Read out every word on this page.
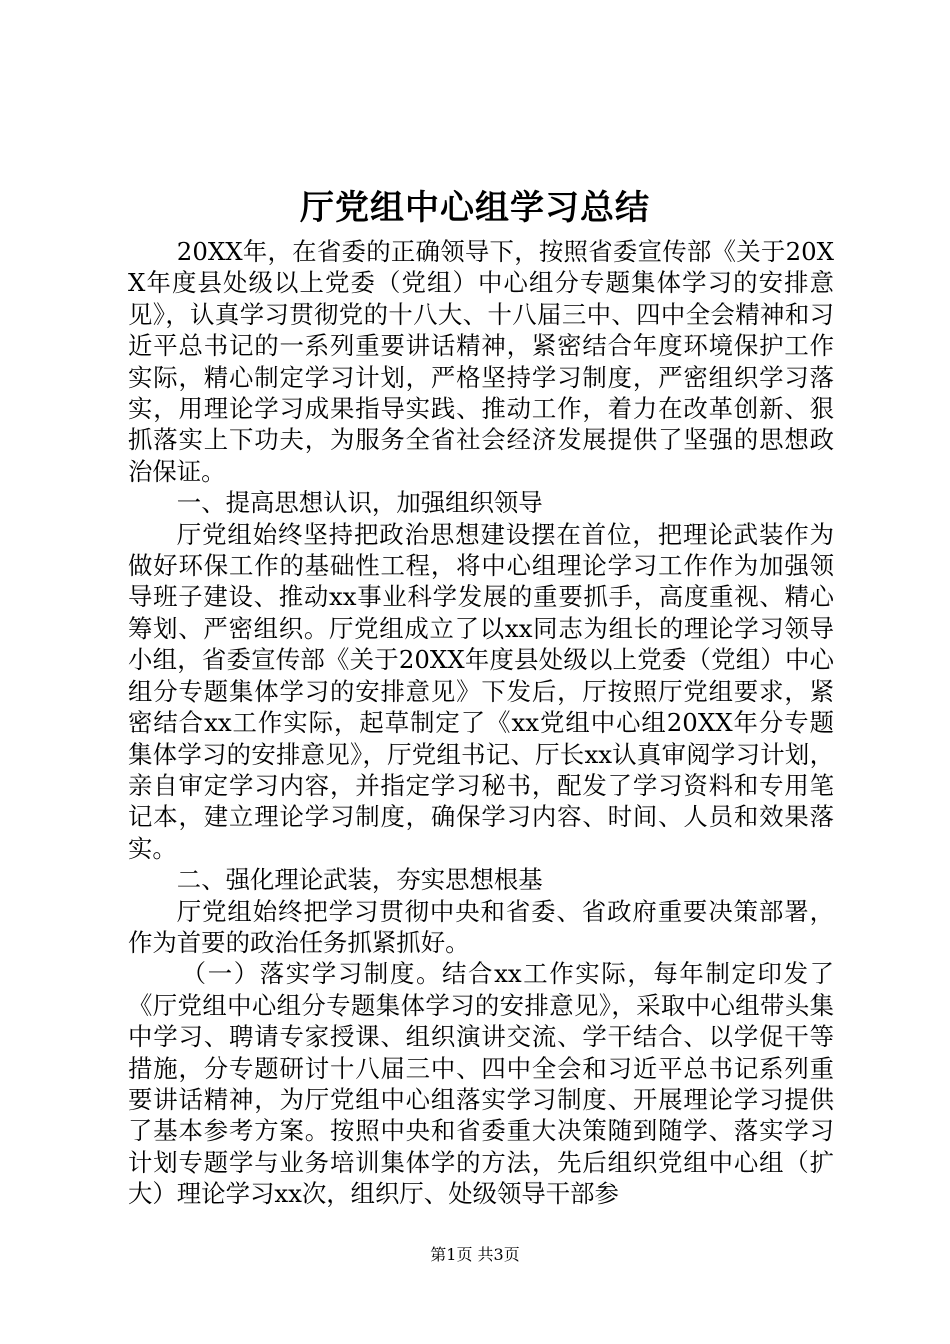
厅党组中心组学习总结

20XX年，在省委的正确领导下，按照省委宣传部《关于20XX年度县处级以上党委（党组）中心组分专题集体学习的安排意见》，认真学习贯彻党的十八大、十八届三中、四中全会精神和习近平总书记的一系列重要讲话精神，紧密结合年度环境保护工作实际，精心制定学习计划，严格坚持学习制度，严密组织学习落实，用理论学习成果指导实践、推动工作，着力在改革创新、狠抓落实上下功夫，为服务全省社会经济发展提供了坚强的思想政治保证。

一、提高思想认识，加强组织领导

厅党组始终坚持把政治思想建设摆在首位，把理论武装作为做好环保工作的基础性工程，将中心组理论学习工作作为加强领导班子建设、推动xx事业科学发展的重要抓手，高度重视、精心筹划、严密组织。厅党组成立了以xx同志为组长的理论学习领导小组，省委宣传部《关于20XX年度县处级以上党委（党组）中心组分专题集体学习的安排意见》下发后，厅按照厅党组要求，紧密结合xx工作实际，起草制定了《xx党组中心组20XX年分专题集体学习的安排意见》，厅党组书记、厅长xx认真审阅学习计划，亲自审定学习内容，并指定学习秘书，配发了学习资料和专用笔记本，建立理论学习制度，确保学习内容、时间、人员和效果落实。

二、强化理论武装，夯实思想根基

厅党组始终把学习贯彻中央和省委、省政府重要决策部署，作为首要的政治任务抓紧抓好。

（一）落实学习制度。结合xx工作实际，每年制定印发了《厅党组中心组分专题集体学习的安排意见》，采取中心组带头集中学习、聘请专家授课、组织演讲交流、学干结合、以学促干等措施，分专题研讨十八届三中、四中全会和习近平总书记系列重要讲话精神，为厅党组中心组落实学习制度、开展理论学习提供了基本参考方案。按照中央和省委重大决策随到随学、落实学习计划专题学与业务培训集体学的方法，先后组织党组中心组（扩大）理论学习xx次，组织厅、处级领导干部参

第1页 共3页
